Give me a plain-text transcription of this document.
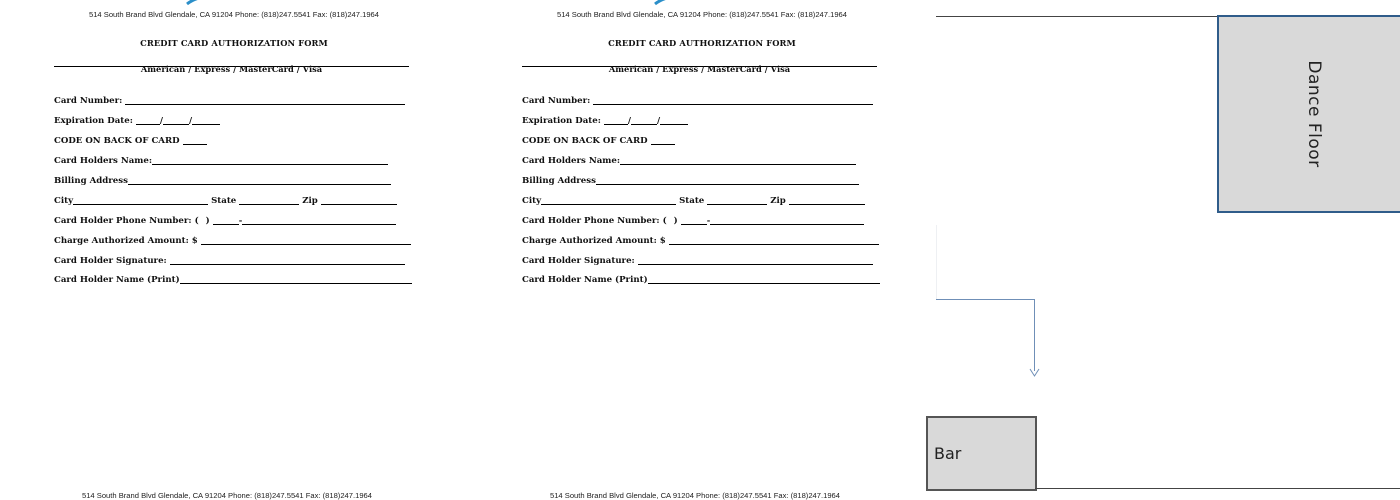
514 South Brand Blvd Glendale, CA 91204 Phone: (818)247.5541 Fax: (818)247.1964
CREDIT CARD AUTHORIZATION FORM
American / Express / MasterCard / Visa
Card Number:
Expiration Date:	/	/
CODE ON BACK OF CARD
Card Holders Name:
Billing Address
City	State	Zip
Card Holder Phone Number: ( )	-
Charge Authorized Amount: $
Card Holder Signature:
Card Holder Name (Print)
514 South Brand Blvd Glendale, CA 91204 Phone: (818)247.5541 Fax: (818)247.1964
514 South Brand Blvd Glendale, CA 91204 Phone: (818)247.5541 Fax: (818)247.1964
CREDIT CARD AUTHORIZATION FORM
American / Express / MasterCard / Visa
Card Number:
Expiration Date:	/	/
CODE ON BACK OF CARD
Card Holders Name:
Billing Address
City	State	Zip
Card Holder Phone Number: ( )	-
Charge Authorized Amount: $
Card Holder Signature:
Card Holder Name (Print)
514 South Brand Blvd Glendale, CA 91204 Phone: (818)247.5541 Fax: (818)247.1964
Dance Floor
Bar
